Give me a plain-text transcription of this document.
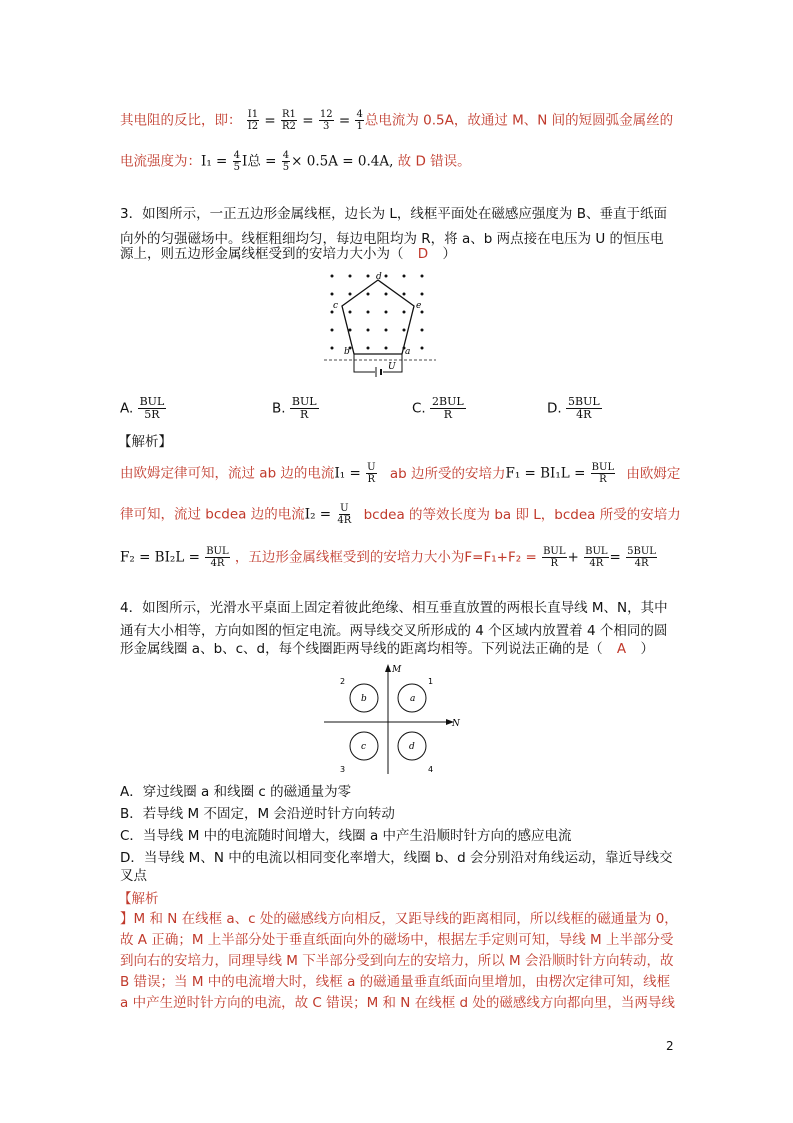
其电阻的反比，即： $\frac{I1}{I2} = \frac{R1}{R2} = \frac{12}{3} = \frac{4}{1}$ 总电流为 0.5A，故通过 M、N 间的短圆弧金属丝的
电流强度为：$I_1 = \frac{4}{5}$ I总 = $\frac{4}{5} \times 0.5A = 0.4A$, 故 D 错误。
3．如图所示，一正五边形金属线框，边长为 L，线框平面处在磁感应强度为 B、垂直于纸面
向外的匀强磁场中。线框粗细均匀，每边电阻均为 R，将 a、b 两点接在电压为 U 的恒压电
源上，则五边形金属线框受到的安培力大小为（ D ）
d
c	e
b	a
U
A. BUL
5R	B. BUL
R	C. 2BUL
R	D. 5BUL
4R
【解析】
由欧姆定律可知，流过 ab 边的电流$I_1 = \frac{U}{R}$ ab 边所受的安培力$F_1 = BI_1L = \frac{\text{BUL}}{R}$ 由欧姆定
律可知，流过 bcdea 边的电流$I_2 = \frac{U}{4R}$ bcdea 的等效长度为 ba 即 L，bcdea 所受的安培力
$F_2 = BI_2L = \frac{\text{BUL}}{4R}$ ，五边形金属线框受到的安培力大小为$F=F_1+F_2 = \frac{\text{BUL}}{R} + \frac{\text{BUL}}{4R} = \frac{\text{5BUL}}{4R}$
4．如图所示，光滑水平桌面上固定着彼此绝缘、相互垂直放置的两根长直导线 M、N，其中
通有大小相等，方向如图的恒定电流。两导线交叉所形成的 4 个区域内放置着 4 个相同的圆
形金属线圈 a、b、c、d，每个线圈距两导线的距离均相等。下列说法正确的是（ A ）
M
N
1
2
3	4
a
b
c	d
A．穿过线圈 a 和线圈 c 的磁通量为零
B．若导线 M 不固定，M 会沿逆时针方向转动
C．当导线 M 中的电流随时间增大，线圈 a 中产生沿顺时针方向的感应电流
D．当导线 M、N 中的电流以相同变化率增大，线圈 b、d 会分别沿对角线运动，靠近导线交
叉点
【解析
】M 和 N 在线框 a、c 处的磁感线方向相反，又距导线的距离相同，所以线框的磁通量为 0，
故 A 正确；M 上半部分处于垂直纸面向外的磁场中，根据左手定则可知，导线 M 上半部分受
到向右的安培力，同理导线 M 下半部分受到向左的安培力，所以 M 会沿顺时针方向转动，故
B 错误；当 M 中的电流增大时，线框 a 的磁通量垂直纸面向里增加，由楞次定律可知，线框
a 中产生逆时针方向的电流，故 C 错误；M 和 N 在线框 d 处的磁感线方向都向里，当两导线
2
